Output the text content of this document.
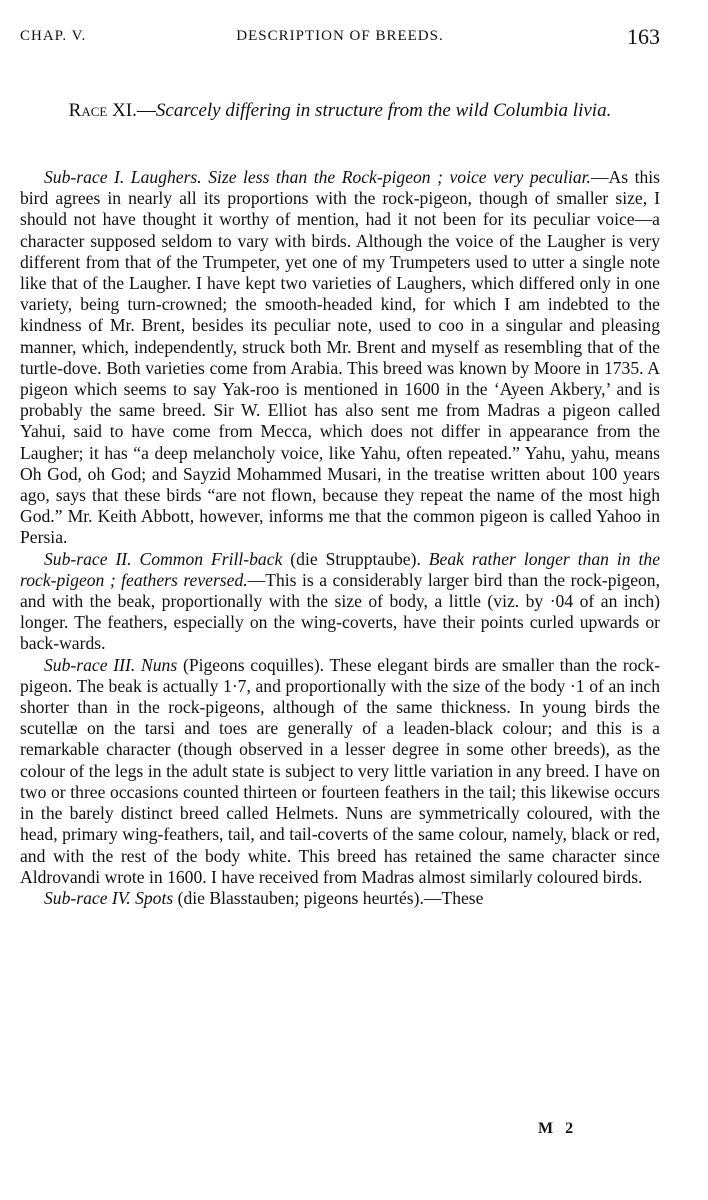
CHAP. V.	DESCRIPTION OF BREEDS.	163
Race XI.—Scarcely differing in structure from the wild Columbia livia.

Sub-race I. Laughers. Size less than the Rock-pigeon ; voice very peculiar.—As this bird agrees in nearly all its proportions with the rock-pigeon, though of smaller size, I should not have thought it worthy of mention, had it not been for its peculiar voice—a character supposed seldom to vary with birds. Although the voice of the Laugher is very different from that of the Trumpeter, yet one of my Trumpeters used to utter a single note like that of the Laugher. I have kept two varieties of Laughers, which differed only in one variety, being turn-crowned; the smooth-headed kind, for which I am indebted to the kindness of Mr. Brent, besides its peculiar note, used to coo in a singular and pleasing manner, which, independently, struck both Mr. Brent and myself as resembling that of the turtle-dove. Both varieties come from Arabia. This breed was known by Moore in 1735. A pigeon which seems to say Yak-roo is mentioned in 1600 in the ‘Ayeen Akbery,’ and is probably the same breed. Sir W. Elliot has also sent me from Madras a pigeon called Yahui, said to have come from Mecca, which does not differ in appearance from the Laugher; it has “a deep melancholy voice, like Yahu, often repeated.” Yahu, yahu, means Oh God, oh God; and Sayzid Mohammed Musari, in the treatise written about 100 years ago, says that these birds “are not flown, because they repeat the name of the most high God.” Mr. Keith Abbott, however, informs me that the common pigeon is called Yahoo in Persia.

Sub-race II. Common Frill-back (die Strupptaube). Beak rather longer than in the rock-pigeon ; feathers reversed.—This is a considerably larger bird than the rock-pigeon, and with the beak, proportionally with the size of body, a little (viz. by ·04 of an inch) longer. The feathers, especially on the wing-coverts, have their points curled upwards or back-wards.

Sub-race III. Nuns (Pigeons coquilles). These elegant birds are smaller than the rock-pigeon. The beak is actually 1·7, and proportionally with the size of the body ·1 of an inch shorter than in the rock-pigeons, although of the same thickness. In young birds the scutellæ on the tarsi and toes are generally of a leaden-black colour; and this is a remarkable character (though observed in a lesser degree in some other breeds), as the colour of the legs in the adult state is subject to very little variation in any breed. I have on two or three occasions counted thirteen or fourteen feathers in the tail; this likewise occurs in the barely distinct breed called Helmets. Nuns are symmetrically coloured, with the head, primary wing-feathers, tail, and tail-coverts of the same colour, namely, black or red, and with the rest of the body white. This breed has retained the same character since Aldrovandi wrote in 1600. I have received from Madras almost similarly coloured birds.

Sub-race IV. Spots (die Blasstauben; pigeons heurtés).—These

M 2
